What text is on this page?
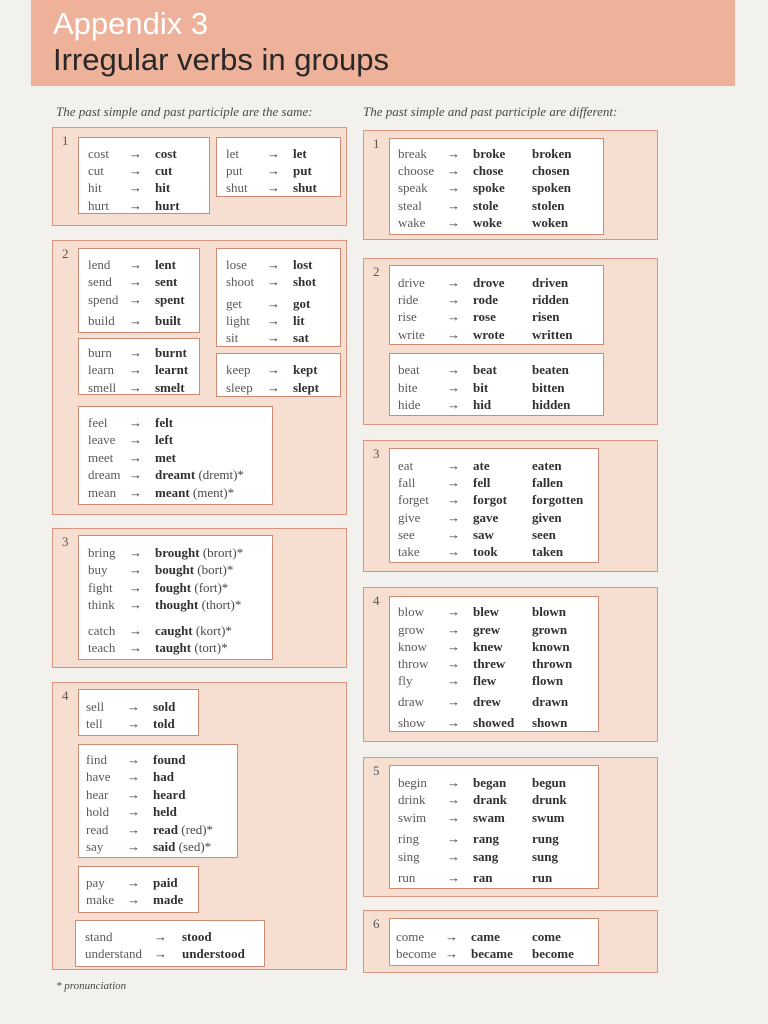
Appendix 3
Irregular verbs in groups
The past simple and past participle are the same:	The past simple and past participle are different:
1
cost → cost
cut → cut
hit → hit
hurt → hurt
let → let
put → put
shut → shut
2
lend → lent
send → sent
spend → spent
build → built
lose → lost
shoot → shot
get → got
light → lit
sit → sat
burn → burnt
learn → learnt
smell → smelt
keep → kept
sleep → slept
feel → felt
leave → left
meet → met
dream → dreamt (dremt)*
mean → meant (ment)*
3
bring → brought (brort)*
buy → bought (bort)*
fight → fought (fort)*
think → thought (thort)*
catch → caught (kort)*
teach → taught (tort)*
4
sell → sold
tell → told
find → found
have → had
hear → heard
hold → held
read → read (red)*
say → said (sed)*
pay → paid
make → made
stand	→ stood
understand → understood
1
break → broke broken
choose → chose chosen
speak → spoke spoken
steal → stole	stolen
wake → woke woken
2
drive → drove driven
ride → rode	ridden
rise → rose	risen
write → wrote written
beat → beat	beaten
bite → bit	bitten
hide → hid	hidden
3
eat	→ ate	eaten
fall → fell	fallen
forget → forgot forgotten
give → gave	given
see → saw	seen
take → took	taken
4
blow → blew	blown
grow → grew grown
know → knew known
throw → threw thrown
fly	→ flew	flown
draw → drew drawn
show → showed shown
5
begin → began begun
drink → drank drunk
swim → swam swum
ring → rang	rung
sing → sang	sung
run → ran	run
6
come → came come
become → became become
* pronunciation
